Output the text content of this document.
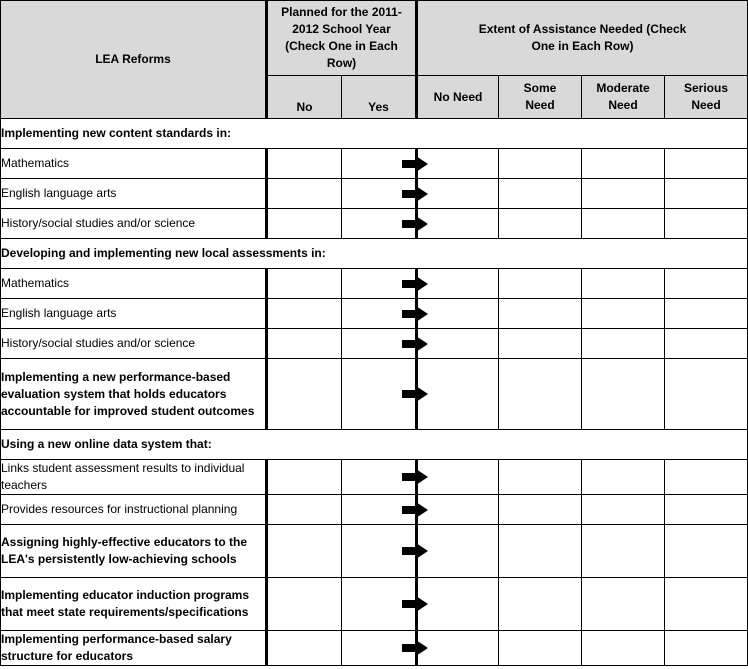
LEA Reforms	Planned for the 2011-2012 School Year (Check One in Each Row)		Extent of Assistance Needed (Check One in Each Row)			
	No	Yes	No Need	Some Need	Moderate Need	Serious Need
Implementing new content standards in:						
Mathematics		

English language arts		

History/social studies and/or science		

Developing and implementing new local assessments in:						
Mathematics		

English language arts		

History/social studies and/or science		

Implementing a new performance-based evaluation system that holds educators accountable for improved student outcomes		

Using a new online data system that:						
Links student assessment results to individual teachers		

Provides resources for instructional planning		

Assigning highly-effective educators to the LEA's persistently low-achieving schools		

Implementing educator induction programs that meet state requirements/specifications		

Implementing performance-based salary structure for educators		
